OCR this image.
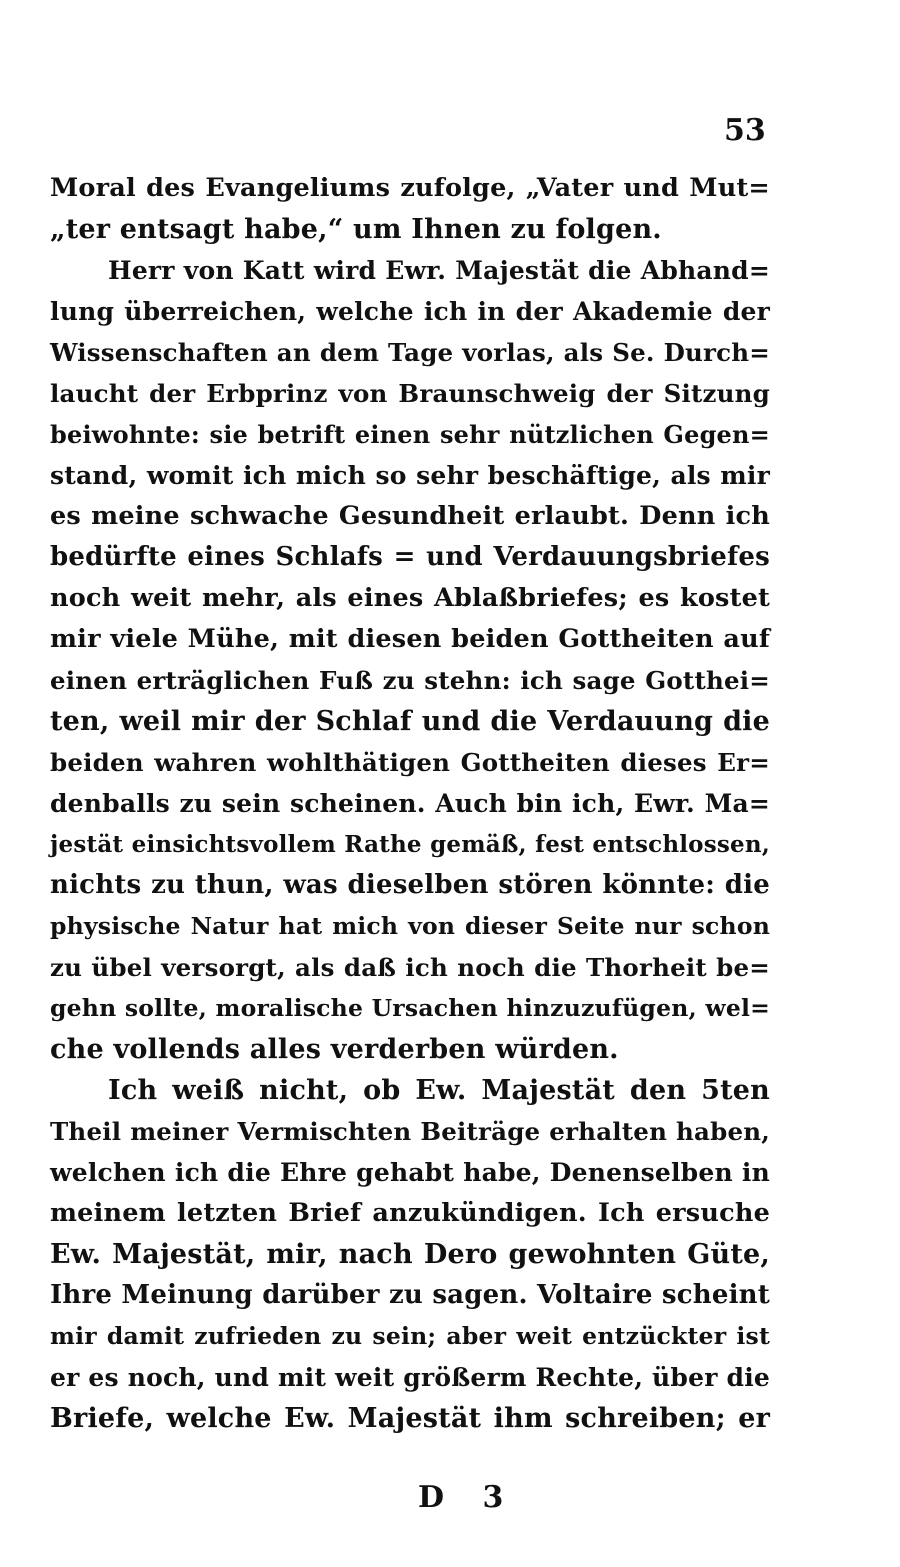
53
Moral des Evangeliums zufolge, „Vater und Mut=
„ter entsagt habe,“ um Ihnen zu folgen.
Herr von Katt wird Ewr. Majestät die Abhand=
lung überreichen, welche ich in der Akademie der
Wissenschaften an dem Tage vorlas, als Se. Durch=
laucht der Erbprinz von Braunschweig der Sitzung
beiwohnte: sie betrift einen sehr nützlichen Gegen=
stand, womit ich mich so sehr beschäftige, als mir
es meine schwache Gesundheit erlaubt. Denn ich
bedürfte eines Schlafs = und Verdauungsbriefes
noch weit mehr, als eines Ablaßbriefes; es kostet
mir viele Mühe, mit diesen beiden Gottheiten auf
einen erträglichen Fuß zu stehn: ich sage Gotthei=
ten, weil mir der Schlaf und die Verdauung die
beiden wahren wohlthätigen Gottheiten dieses Er=
denballs zu sein scheinen. Auch bin ich, Ewr. Ma=
jestät einsichtsvollem Rathe gemäß, fest entschlossen,
nichts zu thun, was dieselben stören könnte: die
physische Natur hat mich von dieser Seite nur schon
zu übel versorgt, als daß ich noch die Thorheit be=
gehn sollte, moralische Ursachen hinzuzufügen, wel=
che vollends alles verderben würden.
Ich weiß nicht, ob Ew. Majestät den 5ten
Theil meiner Vermischten Beiträge erhalten haben,
welchen ich die Ehre gehabt habe, Denenselben in
meinem letzten Brief anzukündigen. Ich ersuche
Ew. Majestät, mir, nach Dero gewohnten Güte,
Ihre Meinung darüber zu sagen. Voltaire scheint
mir damit zufrieden zu sein; aber weit entzückter ist
er es noch, und mit weit größerm Rechte, über die
Briefe, welche Ew. Majestät ihm schreiben; er
D 3
